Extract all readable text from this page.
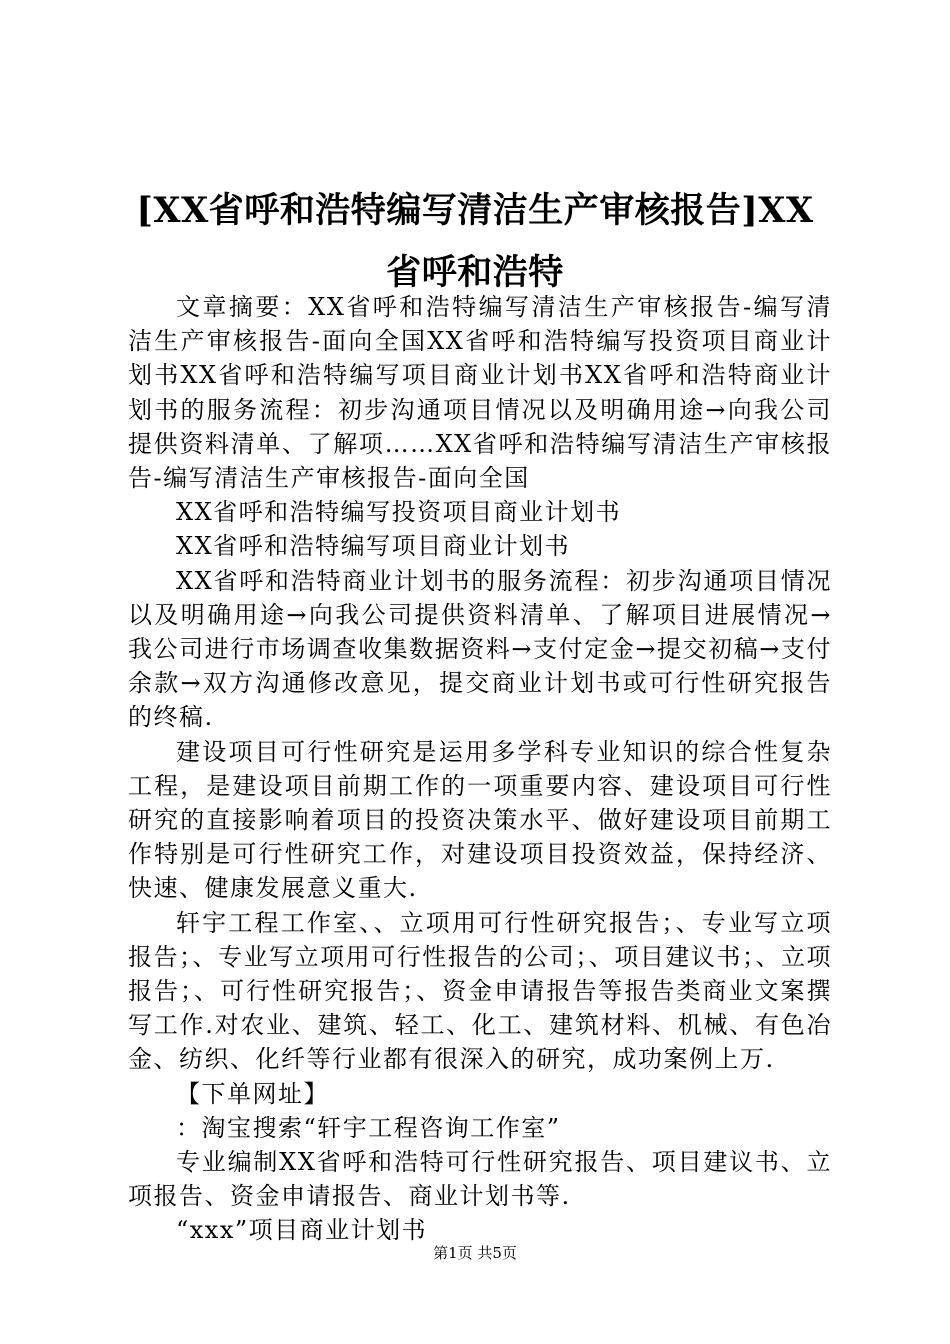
[XX省呼和浩特编写清洁生产审核报告]XX省呼和浩特

文章摘要：XX省呼和浩特编写清洁生产审核报告-编写清洁生产审核报告-面向全国XX省呼和浩特编写投资项目商业计划书XX省呼和浩特编写项目商业计划书XX省呼和浩特商业计划书的服务流程：初步沟通项目情况以及明确用途→向我公司提供资料清单、了解项……XX省呼和浩特编写清洁生产审核报告-编写清洁生产审核报告-面向全国

XX省呼和浩特编写投资项目商业计划书

XX省呼和浩特编写项目商业计划书

XX省呼和浩特商业计划书的服务流程：初步沟通项目情况以及明确用途→向我公司提供资料清单、了解项目进展情况→我公司进行市场调查收集数据资料→支付定金→提交初稿→支付余款→双方沟通修改意见，提交商业计划书或可行性研究报告的终稿.

建设项目可行性研究是运用多学科专业知识的综合性复杂工程，是建设项目前期工作的一项重要内容、建设项目可行性研究的直接影响着项目的投资决策水平、做好建设项目前期工作特别是可行性研究工作，对建设项目投资效益，保持经济、快速、健康发展意义重大.

轩宇工程工作室、、立项用可行性研究报告；、专业写立项报告；、专业写立项用可行性报告的公司；、项目建议书；、立项报告；、可行性研究报告；、资金申请报告等报告类商业文案撰写工作.对农业、建筑、轻工、化工、建筑材料、机械、有色冶金、纺织、化纤等行业都有很深入的研究，成功案例上万.

【下单网址】

：淘宝搜索“轩宇工程咨询工作室”

专业编制XX省呼和浩特可行性研究报告、项目建议书、立项报告、资金申请报告、商业计划书等.

“xxx”项目商业计划书

第1页 共5页
